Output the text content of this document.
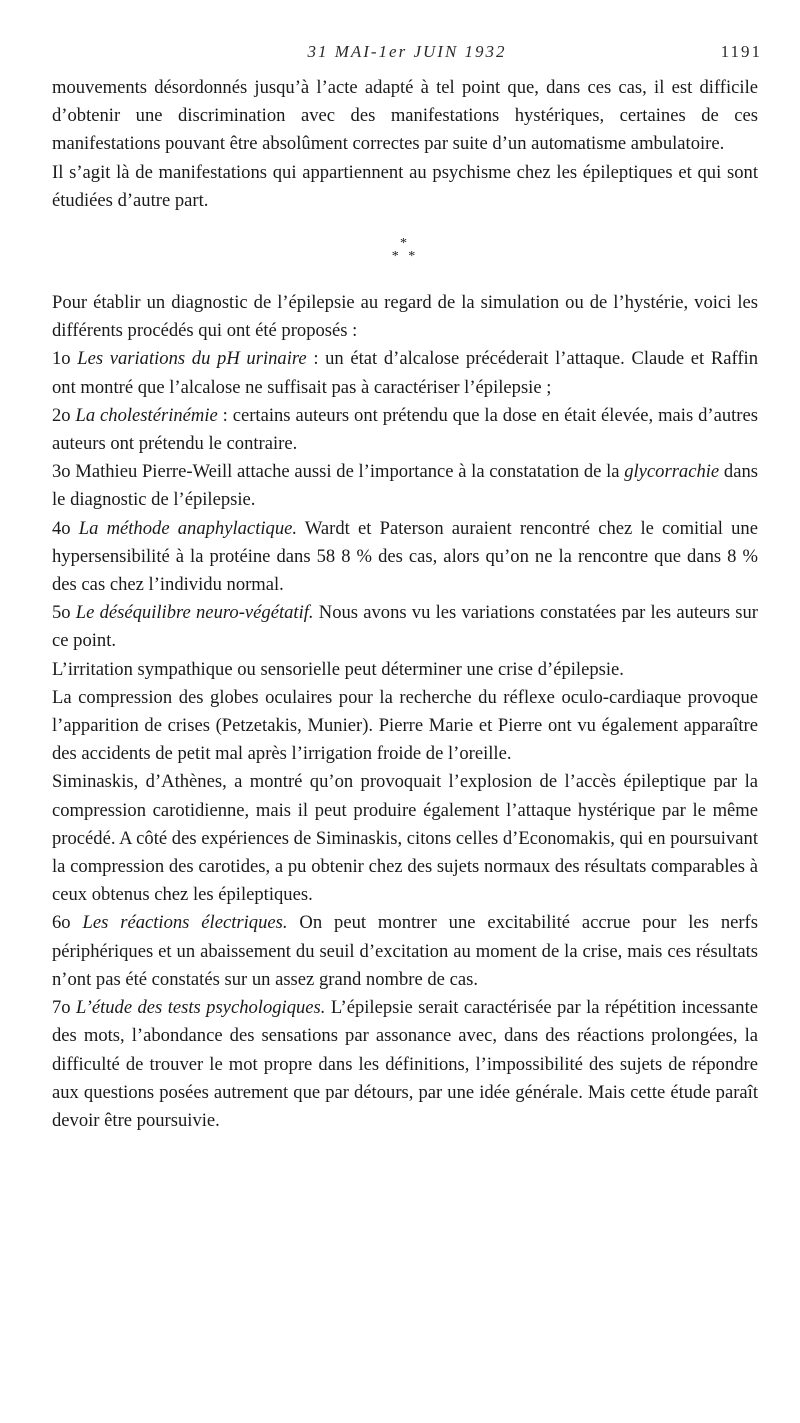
31 MAI-1er JUIN 1932	1191

mouvements désordonnés jusqu’à l’acte adapté à tel point que, dans ces cas, il est difficile d’obtenir une discrimination avec des manifestations hystériques, certaines de ces manifestations pouvant être absolûment correctes par suite d’un automatisme ambulatoire.

Il s’agit là de manifestations qui appartiennent au psychisme chez les épileptiques et qui sont étudiées d’autre part.

*
* *

Pour établir un diagnostic de l’épilepsie au regard de la simulation ou de l’hystérie, voici les différents procédés qui ont été proposés :

1o Les variations du pH urinaire : un état d’alcalose précéderait l’attaque. Claude et Raffin ont montré que l’alcalose ne suffisait pas à caractériser l’épilepsie ;

2o La cholestérinémie : certains auteurs ont prétendu que la dose en était élevée, mais d’autres auteurs ont prétendu le contraire.

3o Mathieu Pierre-Weill attache aussi de l’importance à la constatation de la glycorrachie dans le diagnostic de l’épilepsie.

4o La méthode anaphylactique. Wardt et Paterson auraient rencontré chez le comitial une hypersensibilité à la protéine dans 58 8 % des cas, alors qu’on ne la rencontre que dans 8 % des cas chez l’individu normal.

5o Le déséquilibre neuro-végétatif. Nous avons vu les variations constatées par les auteurs sur ce point.

L’irritation sympathique ou sensorielle peut déterminer une crise d’épilepsie.

La compression des globes oculaires pour la recherche du réflexe oculo-cardiaque provoque l’apparition de crises (Petzetakis, Munier). Pierre Marie et Pierre ont vu également apparaître des accidents de petit mal après l’irrigation froide de l’oreille.

Siminaskis, d’Athènes, a montré qu’on provoquait l’explosion de l’accès épileptique par la compression carotidienne, mais il peut produire également l’attaque hystérique par le même procédé. A côté des expériences de Siminaskis, citons celles d’Economakis, qui en poursuivant la compression des carotides, a pu obtenir chez des sujets normaux des résultats comparables à ceux obtenus chez les épileptiques.

6o Les réactions électriques. On peut montrer une excitabilité accrue pour les nerfs périphériques et un abaissement du seuil d’excitation au moment de la crise, mais ces résultats n’ont pas été constatés sur un assez grand nombre de cas.

7o L’étude des tests psychologiques. L’épilepsie serait caractérisée par la répétition incessante des mots, l’abondance des sensations par assonance avec, dans des réactions prolongées, la difficulté de trouver le mot propre dans les définitions, l’impossibilité des sujets de répondre aux questions posées autrement que par détours, par une idée générale. Mais cette étude paraît devoir être poursuivie.
